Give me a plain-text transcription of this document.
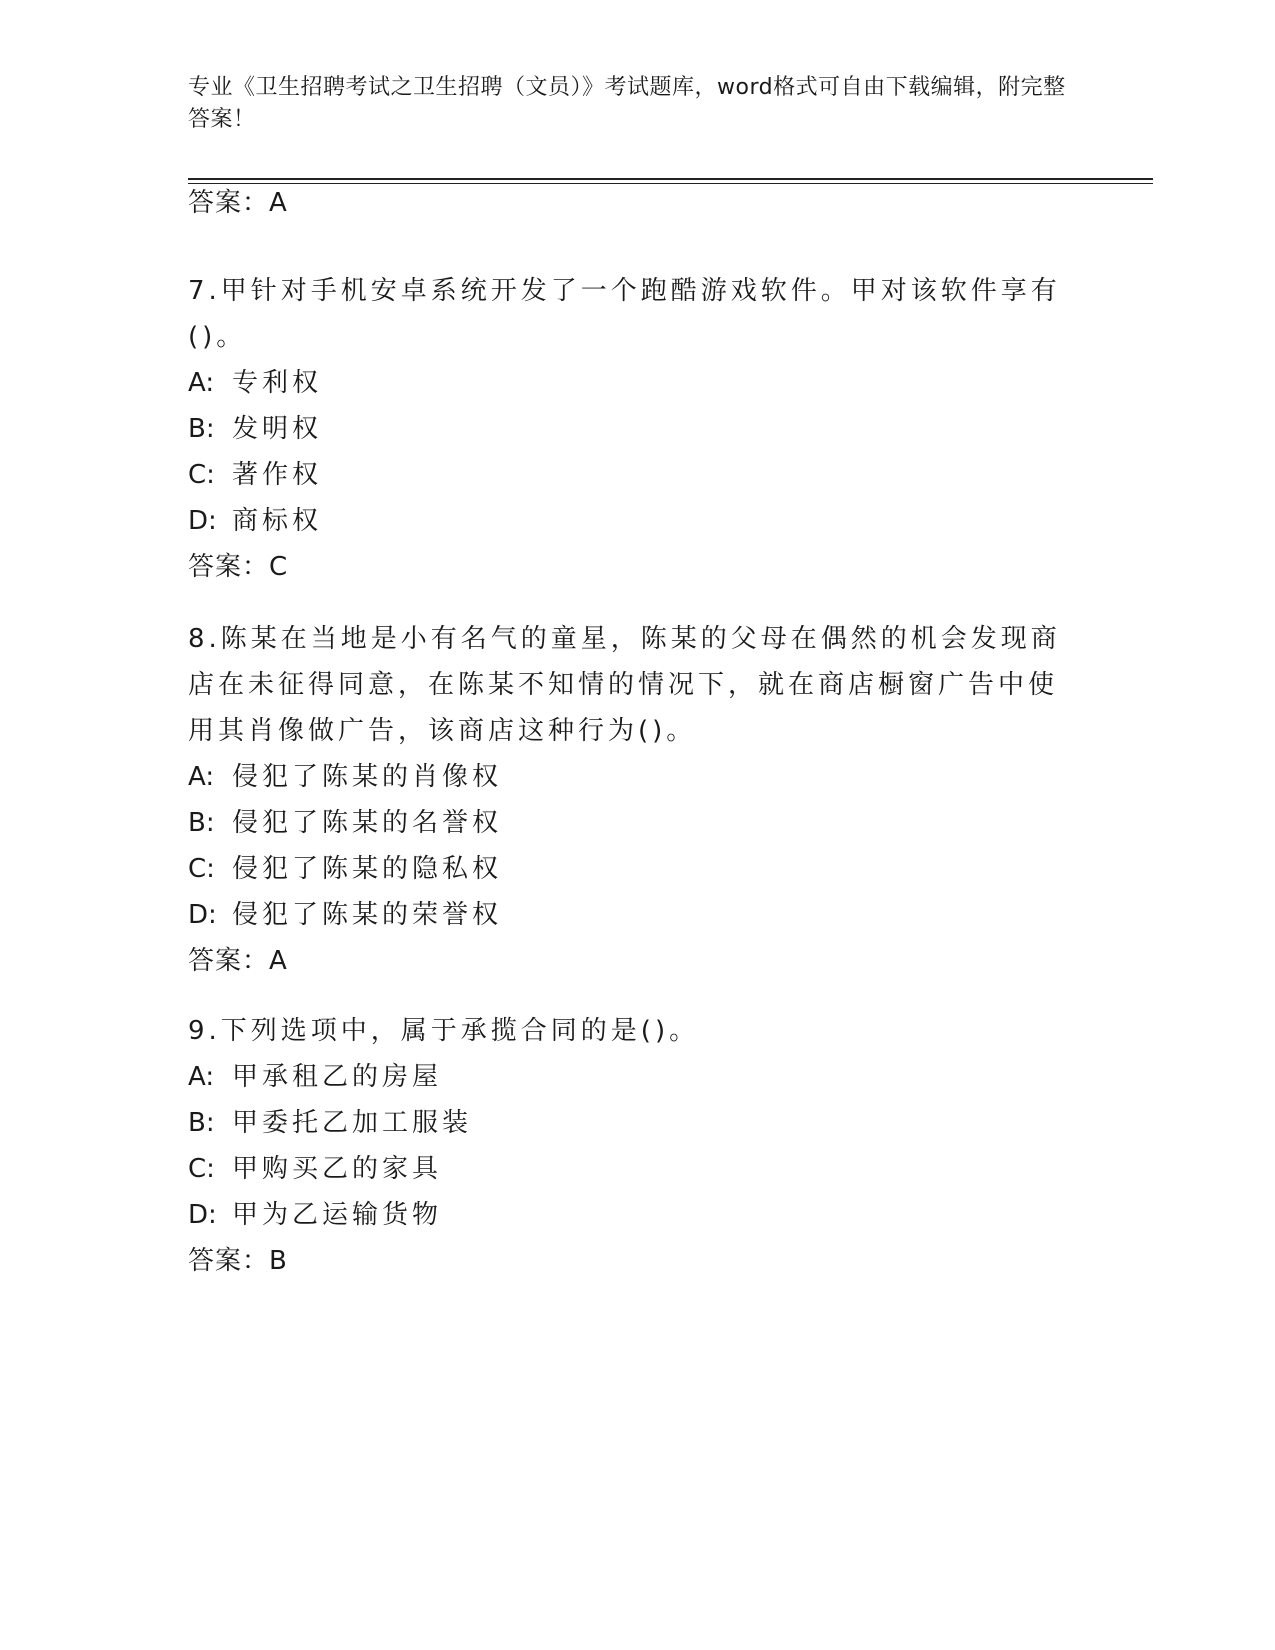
专业《卫生招聘考试之卫生招聘（文员）》考试题库，word格式可自由下载编辑，附完整答案！
答案：A
7.甲针对手机安卓系统开发了一个跑酷游戏软件。甲对该软件享有()。
A: 专利权
B: 发明权
C: 著作权
D: 商标权
答案：C
8.陈某在当地是小有名气的童星，陈某的父母在偶然的机会发现商店在未征得同意，在陈某不知情的情况下，就在商店橱窗广告中使用其肖像做广告，该商店这种行为()。
A: 侵犯了陈某的肖像权
B: 侵犯了陈某的名誉权
C: 侵犯了陈某的隐私权
D: 侵犯了陈某的荣誉权
答案：A
9.下列选项中，属于承揽合同的是()。
A: 甲承租乙的房屋
B: 甲委托乙加工服装
C: 甲购买乙的家具
D: 甲为乙运输货物
答案：B
